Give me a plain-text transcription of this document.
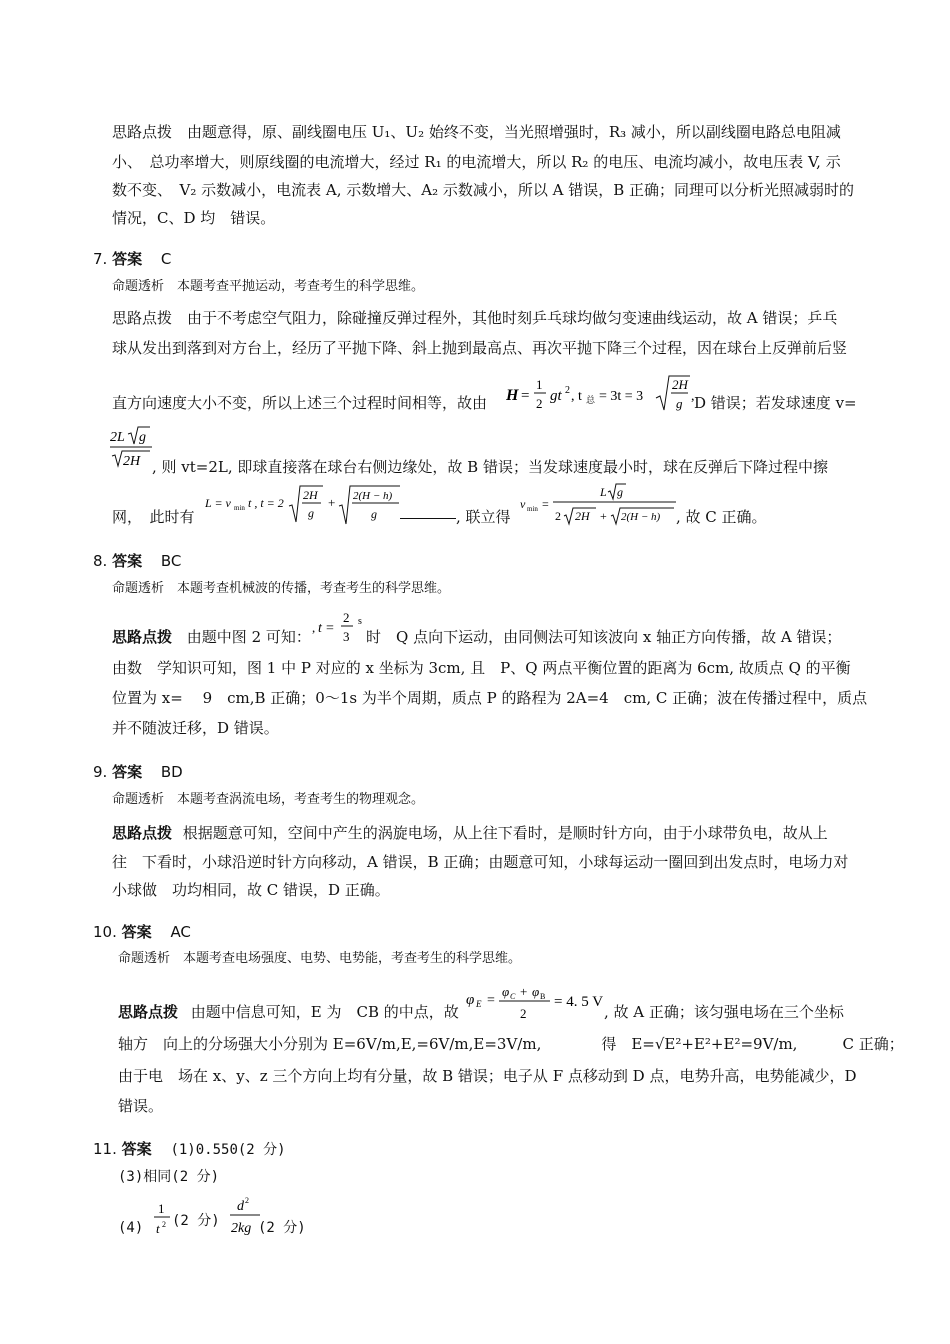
思路点拨　由题意得，原、副线圈电压 U₁、U₂ 始终不变，当光照增强时，R₃ 减小，所以副线圈电路总电阻减
小、　总功率增大，则原线圈的电流增大，经过 R₁ 的电流增大，所以 R₂ 的电压、电流均减小，故电压表 V, 示
数不变、　V₂ 示数减小，电流表 A, 示数增大、A₂ 示数减小，所以 A 错误，B 正确；同理可以分析光照减弱时的
情况，C、D 均　错误。
7. 答案 C
命题透析　本题考查平抛运动，考查考生的科学思维。
思路点拨　由于不考虑空气阻力，除碰撞反弹过程外，其他时刻乒乓球均做匀变速曲线运动，故 A 错误；乒乓
球从发出到落到对方台上，经历了平抛下降、斜上抛到最高点、再次平抛下降三个过程，因在球台上反弹前后竖
直方向速度大小不变，所以上述三个过程时间相等，故由 H =
1
2 gt 2 , t 总 = 3t = 3
2H
g , D 错误；若发球速度 v=
2L g
2H , 则 vt=2L, 即球直接落在球台右侧边缘处，故 B 错误；当发球速度最小时，球在反弹后下降过程中擦
网，　此时有
L = v min t , t = 2
2H
g
+ 2(H − h)
g	, 联立得
v min =
L g
2 2H + 2(H − h) , 故 C 正确。
8. 答案 BC
命题透析　本题考查机械波的传播，考查考生的科学思维。
思路点拨 由题中图 2 可知：
, t =
2
3
s
时　Q 点向下运动，由同侧法可知该波向 x 轴正方向传播，故 A 错误；
由数　学知识可知，图 1 中 P 对应的 x 坐标为 3cm, 且　P、Q 两点平衡位置的距离为 6cm, 故质点 Q 的平衡
位置为 x=　 9　cm,B 正确；0～1s 为半个周期，质点 P 的路程为 2A=4　cm, C 正确；波在传播过程中，质点
并不随波迁移，D 错误。
9. 答案 BD
命题透析　本题考查涡流电场，考查考生的物理观念。
思路点拨 根据题意可知，空间中产生的涡旋电场，从上往下看时，是顺时针方向，由于小球带负电，故从上
往　下看时，小球沿逆时针方向移动，A 错误，B 正确；由题意可知，小球每运动一圈回到出发点时，电场力对
小球做　功均相同，故 C 错误，D 正确。
10. 答案 AC
命题透析　本题考查电场强度、电势、电势能，考查考生的科学思维。
思路点拨 由题中信息可知，E 为　CB 的中点，故
φ E =
φ C + φ B
2
= 4. 5 V
, 故 A 正确；该匀强电场在三个坐标
轴方　向上的分场强大小分别为 E=6V/m,E,=6V/m,E=3V/m,　　　　得　E=√E²+E²+E²=9V/m,　　　C 正确；
由于电　场在 x、y、z 三个方向上均有分量，故 B 错误；电子从 F 点移动到 D 点，电势升高，电势能减少，D
错误。
11. 答案 (1)0.550(2 分)
(3)相同(2 分)
(4)
1
t 2 (2 分)
d 2
2kg (2 分)
